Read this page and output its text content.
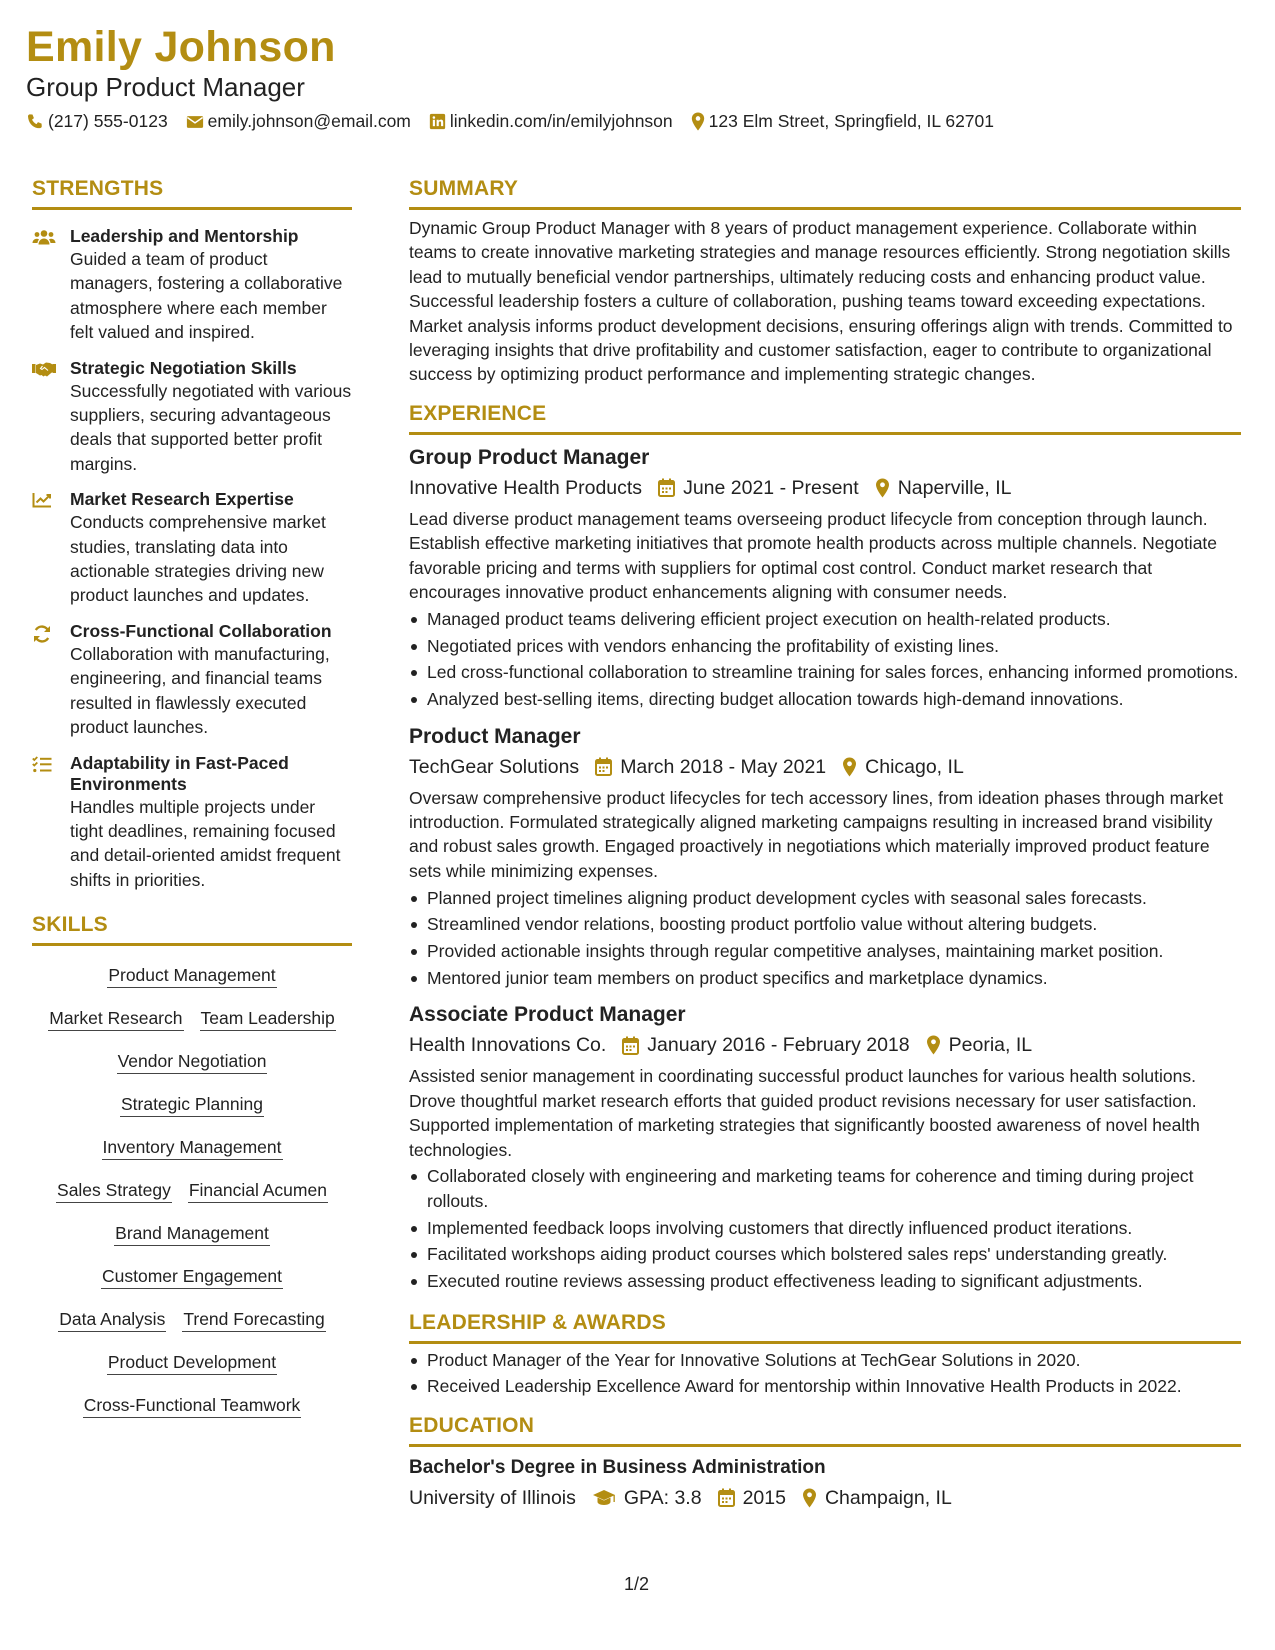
Emily Johnson
Group Product Manager
(217) 555-0123 emily.johnson@email.com linkedin.com/in/emilyjohnson 123 Elm Street, Springfield, IL 62701
STRENGTHS
Leadership and Mentorship
Guided a team of product managers, fostering a collaborative atmosphere where each member felt valued and inspired.
Strategic Negotiation Skills
Successfully negotiated with various suppliers, securing advantageous deals that supported better profit margins.
Market Research Expertise
Conducts comprehensive market studies, translating data into actionable strategies driving new product launches and updates.
Cross-Functional Collaboration
Collaboration with manufacturing, engineering, and financial teams resulted in flawlessly executed product launches.
Adaptability in Fast-Paced Environments
Handles multiple projects under tight deadlines, remaining focused and detail-oriented amidst frequent shifts in priorities.
SKILLS
Product Management
Market Research Team Leadership
Vendor Negotiation
Strategic Planning
Inventory Management
Sales Strategy Financial Acumen
Brand Management
Customer Engagement
Data Analysis Trend Forecasting
Product Development
Cross-Functional Teamwork
SUMMARY
Dynamic Group Product Manager with 8 years of product management experience. Collaborate within teams to create innovative marketing strategies and manage resources efficiently. Strong negotiation skills lead to mutually beneficial vendor partnerships, ultimately reducing costs and enhancing product value. Successful leadership fosters a culture of collaboration, pushing teams toward exceeding expectations. Market analysis informs product development decisions, ensuring offerings align with trends. Committed to leveraging insights that drive profitability and customer satisfaction, eager to contribute to organizational success by optimizing product performance and implementing strategic changes.
EXPERIENCE
Group Product Manager
Innovative Health Products June 2021 - Present Naperville, IL
Lead diverse product management teams overseeing product lifecycle from conception through launch. Establish effective marketing initiatives that promote health products across multiple channels. Negotiate favorable pricing and terms with suppliers for optimal cost control. Conduct market research that encourages innovative product enhancements aligning with consumer needs.
Managed product teams delivering efficient project execution on health-related products.
Negotiated prices with vendors enhancing the profitability of existing lines.
Led cross-functional collaboration to streamline training for sales forces, enhancing informed promotions.
Analyzed best-selling items, directing budget allocation towards high-demand innovations.
Product Manager
TechGear Solutions March 2018 - May 2021 Chicago, IL
Oversaw comprehensive product lifecycles for tech accessory lines, from ideation phases through market introduction. Formulated strategically aligned marketing campaigns resulting in increased brand visibility and robust sales growth. Engaged proactively in negotiations which materially improved product feature sets while minimizing expenses.
Planned project timelines aligning product development cycles with seasonal sales forecasts.
Streamlined vendor relations, boosting product portfolio value without altering budgets.
Provided actionable insights through regular competitive analyses, maintaining market position.
Mentored junior team members on product specifics and marketplace dynamics.
Associate Product Manager
Health Innovations Co. January 2016 - February 2018 Peoria, IL
Assisted senior management in coordinating successful product launches for various health solutions. Drove thoughtful market research efforts that guided product revisions necessary for user satisfaction. Supported implementation of marketing strategies that significantly boosted awareness of novel health technologies.
Collaborated closely with engineering and marketing teams for coherence and timing during project rollouts.
Implemented feedback loops involving customers that directly influenced product iterations.
Facilitated workshops aiding product courses which bolstered sales reps' understanding greatly.
Executed routine reviews assessing product effectiveness leading to significant adjustments.
LEADERSHIP & AWARDS
Product Manager of the Year for Innovative Solutions at TechGear Solutions in 2020.
Received Leadership Excellence Award for mentorship within Innovative Health Products in 2022.
EDUCATION
Bachelor's Degree in Business Administration
University of Illinois GPA: 3.8 2015 Champaign, IL
1/2
